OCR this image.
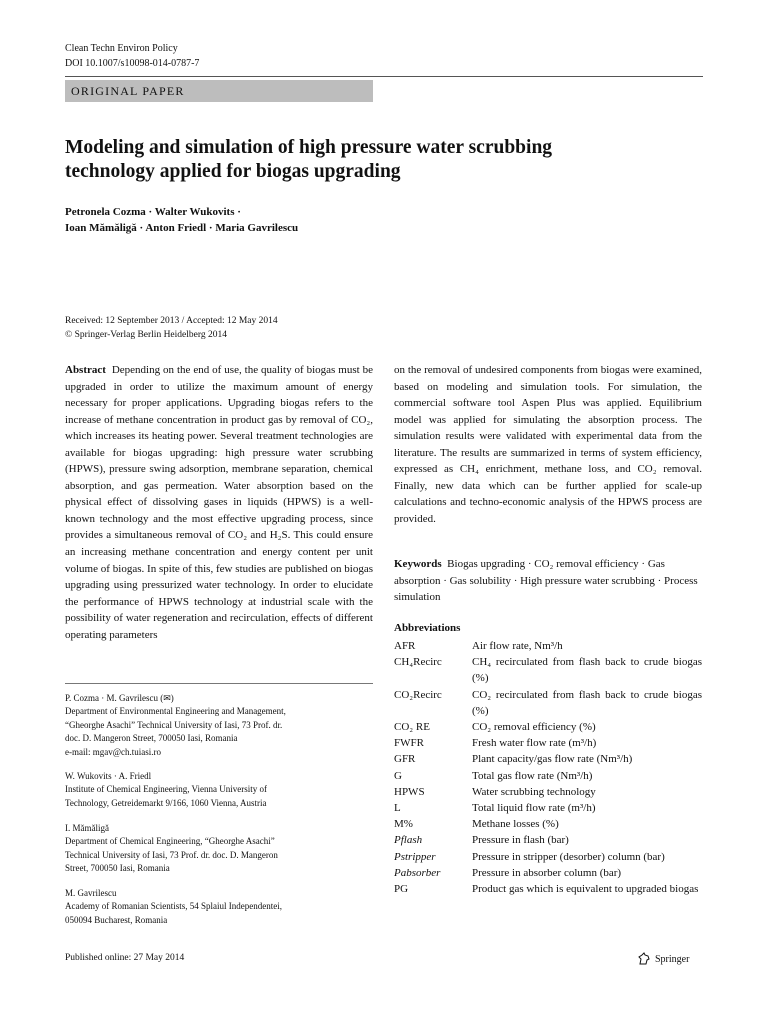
Clean Techn Environ Policy
DOI 10.1007/s10098-014-0787-7
ORIGINAL PAPER
Modeling and simulation of high pressure water scrubbing
technology applied for biogas upgrading
Petronela Cozma · Walter Wukovits ·
Ioan Mămăligă · Anton Friedl · Maria Gavrilescu
Received: 12 September 2013 / Accepted: 12 May 2014
© Springer-Verlag Berlin Heidelberg 2014

Abstract Depending on the end of use, the quality of biogas must be upgraded in order to utilize the maximum amount of energy necessary for proper applications. Upgrading biogas refers to the increase of methane concentration in product gas by removal of CO₂, which increases its heating power. Several treatment technologies are available for biogas upgrading: high pressure water scrubbing (HPWS), pressure swing adsorption, membrane separation, chemical absorption, and gas permeation. Water absorption based on the physical effect of dissolving gases in liquids (HPWS) is a well-known technology and the most effective upgrading process, since provides a simultaneous removal of CO₂ and H₂S. This could ensure an increasing methane concentration and energy content per unit volume of biogas. In spite of this, few studies are published on biogas upgrading using pressurized water technology. In order to elucidate the performance of HPWS technology at industrial scale with the possibility of water regeneration and recirculation, effects of different operating parameters

on the removal of undesired components from biogas were examined, based on modeling and simulation tools. For simulation, the commercial software tool Aspen Plus was applied. Equilibrium model was applied for simulating the absorption process. The simulation results were validated with experimental data from the literature. The results are summarized in terms of system efficiency, expressed as CH₄ enrichment, methane loss, and CO₂ removal. Finally, new data which can be further applied for scale-up calculations and techno-economic analysis of the HPWS process are provided.

Keywords Biogas upgrading · CO₂ removal efficiency · Gas absorption · Gas solubility · High pressure water scrubbing · Process simulation

P. Cozma · M. Gavrilescu (✉)
Department of Environmental Engineering and Management,
“Gheorghe Asachi” Technical University of Iasi, 73 Prof. dr.
doc. D. Mangeron Street, 700050 Iasi, Romania
e-mail: mgav@ch.tuiasi.ro
W. Wukovits · A. Friedl
Institute of Chemical Engineering, Vienna University of
Technology, Getreidemarkt 9/166, 1060 Vienna, Austria
I. Mămăligă
Department of Chemical Engineering, “Gheorghe Asachi”
Technical University of Iasi, 73 Prof. dr. doc. D. Mangeron
Street, 700050 Iasi, Romania
M. Gavrilescu
Academy of Romanian Scientists, 54 Splaiul Independentei,
050094 Bucharest, Romania
Abbreviations
AFR	Air flow rate, Nm³/h
CH₄Recirc	CH₄ recirculated from flash back to crude biogas (%)
CO₂Recirc	CO₂ recirculated from flash back to crude biogas (%)
CO₂ RE	CO₂ removal efficiency (%)
FWFR	Fresh water flow rate (m³/h)
GFR	Plant capacity/gas flow rate (Nm³/h)
G	Total gas flow rate (Nm³/h)
HPWS	Water scrubbing technology
L	Total liquid flow rate (m³/h)
M%	Methane losses (%)
Pflash	Pressure in flash (bar)
Pstripper	Pressure in stripper (desorber) column (bar)
Pabsorber	Pressure in absorber column (bar)
PG	Product gas which is equivalent to upgraded biogas
Published online: 27 May 2014	Springer
